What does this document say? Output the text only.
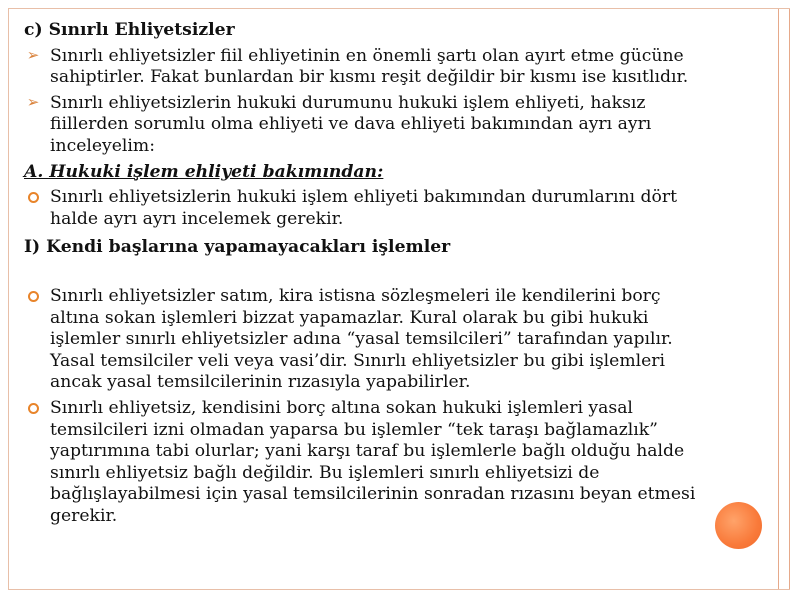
c) Sınırlı Ehliyetsizler

➢ Sınırlı ehliyetsizler fiil ehliyetinin en önemli şartı olan ayırt etme gücüne

sahiptirler. Fakat bunlardan bir kısmı reşit değildir bir kısmı ise kısıtlıdır.

➢ Sınırlı ehliyetsizlerin hukuki durumunu hukuki işlem ehliyeti, haksız

fiillerden sorumlu olma ehliyeti ve dava ehliyeti bakımından ayrı ayrı

inceleyelim:

A. Hukuki işlem ehliyeti bakımından:

Sınırlı ehliyetsizlerin hukuki işlem ehliyeti bakımından durumlarını dört

halde ayrı ayrı incelemek gerekir.

I) Kendi başlarına yapamayacakları işlemler

Sınırlı ehliyetsizler satım, kira istisna sözleşmeleri ile kendilerini borç

altına sokan işlemleri bizzat yapamazlar. Kural olarak bu gibi hukuki

işlemler sınırlı ehliyetsizler adına “yasal temsilcileri” tarafından yapılır.

Yasal temsilciler veli veya vasi’dir. Sınırlı ehliyetsizler bu gibi işlemleri

ancak yasal temsilcilerinin rızasıyla yapabilirler.

Sınırlı ehliyetsiz, kendisini borç altına sokan hukuki işlemleri yasal

temsilcileri izni olmadan yaparsa bu işlemler “tek taraşı bağlamazlık”

yaptırımına tabi olurlar; yani karşı taraf bu işlemlerle bağlı olduğu halde

sınırlı ehliyetsiz bağlı değildir. Bu işlemleri sınırlı ehliyetsizi de

bağlışlayabilmesi için yasal temsilcilerinin sonradan rızasını beyan etmesi

gerekir.
